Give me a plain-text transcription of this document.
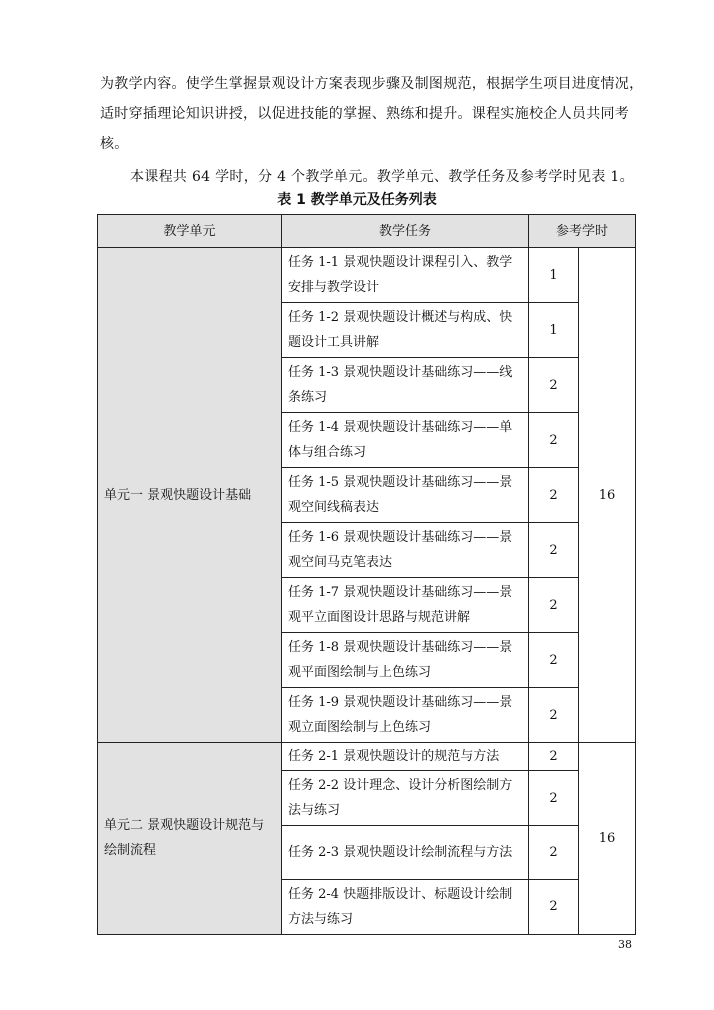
为教学内容。使学生掌握景观设计方案表现步骤及制图规范，根据学生项目进度情况，
适时穿插理论知识讲授，以促进技能的掌握、熟练和提升。课程实施校企人员共同考
核。
本课程共 64 学时，分 4 个教学单元。教学单元、教学任务及参考学时见表 1。
表 1 教学单元及任务列表
教学单元	教学任务	参考学时	
单元一 景观快题设计基础	任务 1-1 景观快题设计课程引入、教学安排与教学设计	1	16
	任务 1-2 景观快题设计概述与构成、快题设计工具讲解	1	
	任务 1-3 景观快题设计基础练习——线条练习	2	
	任务 1-4 景观快题设计基础练习——单体与组合练习	2	
	任务 1-5 景观快题设计基础练习——景观空间线稿表达	2	
	任务 1-6 景观快题设计基础练习——景观空间马克笔表达	2	
	任务 1-7 景观快题设计基础练习——景观平立面图设计思路与规范讲解	2	
	任务 1-8 景观快题设计基础练习——景观平面图绘制与上色练习	2	
	任务 1-9 景观快题设计基础练习——景观立面图绘制与上色练习	2	
单元二 景观快题设计规范与绘制流程	任务 2-1 景观快题设计的规范与方法	2	16
	任务 2-2 设计理念、设计分析图绘制方法与练习	2	
	任务 2-3 景观快题设计绘制流程与方法	2	
	任务 2-4 快题排版设计、标题设计绘制方法与练习	2	
38
